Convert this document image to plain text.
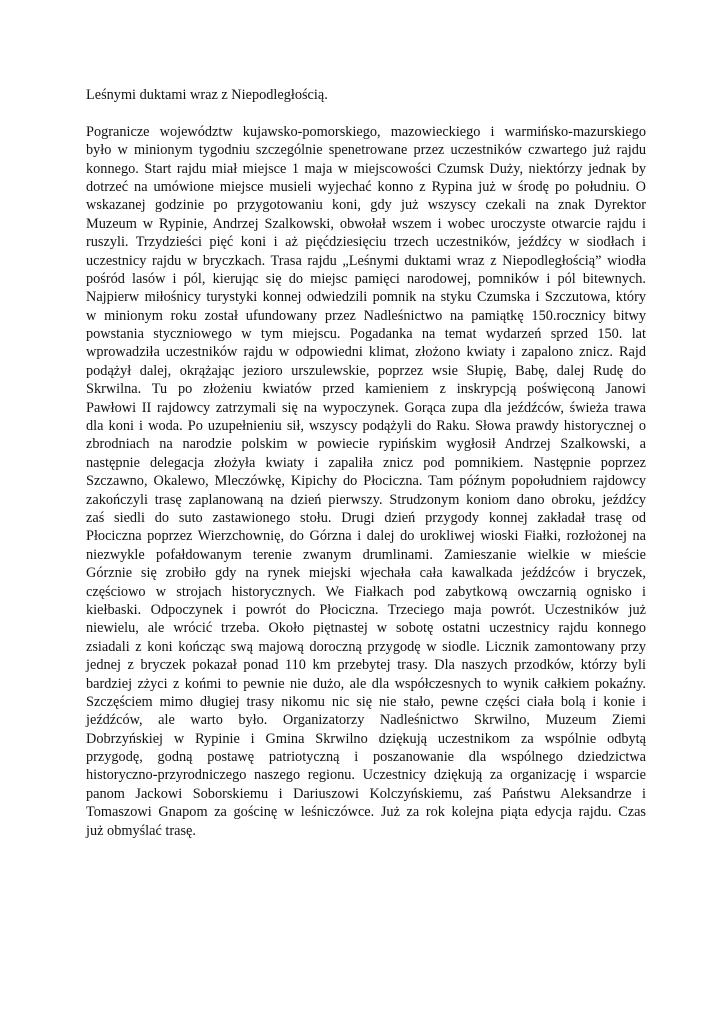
Leśnymi duktami wraz z Niepodległością.

Pogranicze województw kujawsko-pomorskiego, mazowieckiego i warmińsko-mazurskiego

było w minionym tygodniu szczególnie spenetrowane przez uczestników czwartego już rajdu

konnego. Start rajdu miał miejsce 1 maja w miejscowości Czumsk Duży, niektórzy jednak by

dotrzeć na umówione miejsce musieli wyjechać konno z Rypina już w środę po południu. O

wskazanej godzinie po przygotowaniu koni, gdy już wszyscy czekali na znak Dyrektor

Muzeum w Rypinie, Andrzej Szalkowski, obwołał wszem i wobec uroczyste otwarcie rajdu i

ruszyli. Trzydzieści pięć koni i aż pięćdziesięciu trzech uczestników, jeźdźcy w siodłach i

uczestnicy rajdu w bryczkach. Trasa rajdu „Leśnymi duktami wraz z Niepodległością” wiodła

pośród lasów i pól, kierując się do miejsc pamięci narodowej, pomników i pól bitewnych.

Najpierw miłośnicy turystyki konnej odwiedzili pomnik na styku Czumska i Szczutowa, który

w minionym roku został ufundowany przez Nadleśnictwo na pamiątkę 150.rocznicy bitwy

powstania styczniowego w tym miejscu. Pogadanka na temat wydarzeń sprzed 150. lat

wprowadziła uczestników rajdu w odpowiedni klimat, złożono kwiaty i zapalono znicz. Rajd

podążył dalej, okrążając jezioro urszulewskie, poprzez wsie Słupię, Babę, dalej Rudę do

Skrwilna. Tu po złożeniu kwiatów przed kamieniem z inskrypcją poświęconą Janowi

Pawłowi II rajdowcy zatrzymali się na wypoczynek. Gorąca zupa dla jeźdźców, świeża trawa

dla koni i woda. Po uzupełnieniu sił, wszyscy podążyli do Raku. Słowa prawdy historycznej o

zbrodniach na narodzie polskim w powiecie rypińskim wygłosił Andrzej Szalkowski, a

następnie delegacja złożyła kwiaty i zapaliła znicz pod pomnikiem. Następnie poprzez

Szczawno, Okalewo, Mleczówkę, Kipichy do Płociczna. Tam późnym popołudniem rajdowcy

zakończyli trasę zaplanowaną na dzień pierwszy. Strudzonym koniom dano obroku, jeźdźcy

zaś siedli do suto zastawionego stołu. Drugi dzień przygody konnej zakładał trasę od

Płociczna poprzez Wierzchownię, do Górzna i dalej do urokliwej wioski Fiałki, rozłożonej na

niezwykle pofałdowanym terenie zwanym drumlinami. Zamieszanie wielkie w mieście

Górznie się zrobiło gdy na rynek miejski wjechała cała kawalkada jeźdźców i bryczek,

częściowo w strojach historycznych. We Fiałkach pod zabytkową owczarnią ognisko i

kiełbaski. Odpoczynek i powrót do Płociczna. Trzeciego maja powrót. Uczestników już

niewielu, ale wrócić trzeba. Około piętnastej w sobotę ostatni uczestnicy rajdu konnego

zsiadali z koni kończąc swą majową doroczną przygodę w siodle. Licznik zamontowany przy

jednej z bryczek pokazał ponad 110 km przebytej trasy. Dla naszych przodków, którzy byli

bardziej zżyci z końmi to pewnie nie dużo, ale dla współczesnych to wynik całkiem pokaźny.

Szczęściem mimo długiej trasy nikomu nic się nie stało, pewne części ciała bolą i konie i

jeźdźców, ale warto było. Organizatorzy Nadleśnictwo Skrwilno, Muzeum Ziemi

Dobrzyńskiej w Rypinie i Gmina Skrwilno dziękują uczestnikom za wspólnie odbytą

przygodę, godną postawę patriotyczną i poszanowanie dla wspólnego dziedzictwa

historyczno-przyrodniczego naszego regionu. Uczestnicy dziękują za organizację i wsparcie

panom Jackowi Soborskiemu i Dariuszowi Kolczyńskiemu, zaś Państwu Aleksandrze i

Tomaszowi Gnapom za gościnę w leśniczówce. Już za rok kolejna piąta edycja rajdu. Czas

już obmyślać trasę.
